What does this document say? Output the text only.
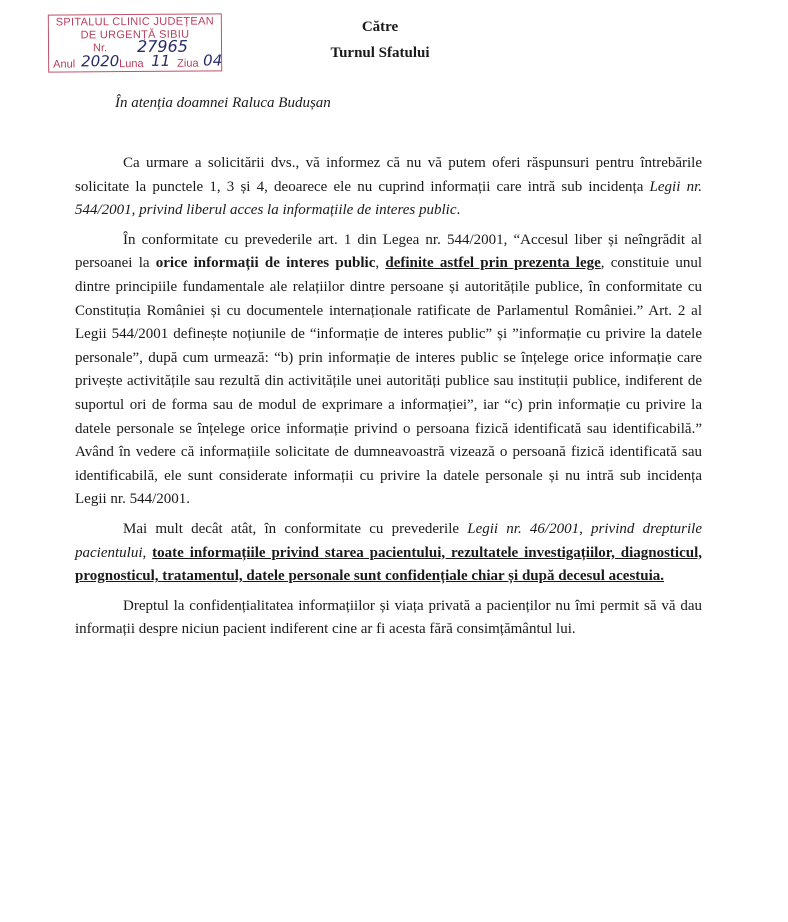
SPITALUL CLINIC JUDEȚEAN
DE URGENȚĂ SIBIU
Nr. 27965
Anul 2020 Luna 11 Ziua 04
Către
Turnul Sfatului
În atenția doamnei Raluca Budușan

Ca urmare a solicitării dvs., vă informez că nu vă putem oferi răspunsuri pentru întrebările solicitate la punctele 1, 3 și 4, deoarece ele nu cuprind informații care intră sub incidența Legii nr. 544/2001, privind liberul acces la informațiile de interes public.

În conformitate cu prevederile art. 1 din Legea nr. 544/2001, “Accesul liber și neîngrădit al persoanei la orice informații de interes public, definite astfel prin prezenta lege, constituie unul dintre principiile fundamentale ale relațiilor dintre persoane și autoritățile publice, în conformitate cu Constituția României și cu documentele internaționale ratificate de Parlamentul României.” Art. 2 al Legii 544/2001 definește noțiunile de “informație de interes public” și ”informație cu privire la datele personale”, după cum urmează: “b) prin informație de interes public se înțelege orice informație care privește activitățile sau rezultă din activitățile unei autorități publice sau instituții publice, indiferent de suportul ori de forma sau de modul de exprimare a informației”, iar “c) prin informație cu privire la datele personale se înțelege orice informație privind o persoana fizică identificată sau identificabilă.” Având în vedere că informațiile solicitate de dumneavoastră vizează o persoană fizică identificată sau identificabilă, ele sunt considerate informații cu privire la datele personale și nu intră sub incidența Legii nr. 544/2001.

Mai mult decât atât, în conformitate cu prevederile Legii nr. 46/2001, privind drepturile pacientului, toate informațiile privind starea pacientului, rezultatele investigațiilor, diagnosticul, prognosticul, tratamentul, datele personale sunt confidențiale chiar și după decesul acestuia.

Dreptul la confidențialitatea informațiilor și viața privată a pacienților nu îmi permit să vă dau informații despre niciun pacient indiferent cine ar fi acesta fără consimțământul lui.
